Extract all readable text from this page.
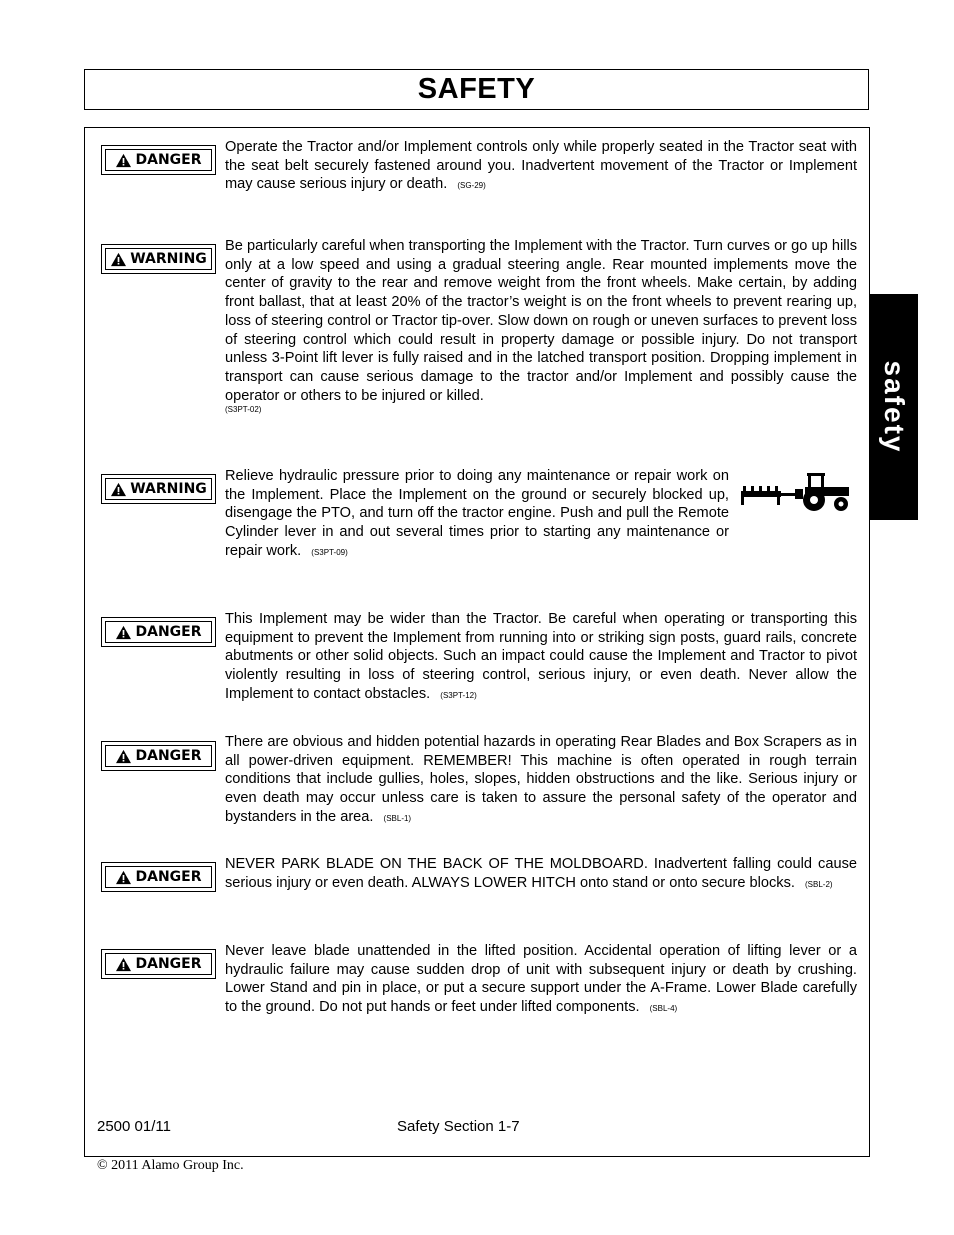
SAFETY
safety
DANGER
Operate the Tractor and/or Implement controls only while properly seated in the Tractor seat with the seat belt securely fastened around you. Inadvertent movement of the Tractor or Implement may cause serious injury or death. (SG-29)
WARNING
Be particularly careful when transporting the Implement with the Tractor. Turn curves or go up hills only at a low speed and using a gradual steering angle. Rear mounted implements move the center of gravity to the rear and remove weight from the front wheels. Make certain, by adding front ballast, that at least 20% of the tractor’s weight is on the front wheels to prevent rearing up, loss of steering control or Tractor tip-over. Slow down on rough or uneven surfaces to prevent loss of steering control which could result in property damage or possible injury. Do not transport unless 3-Point lift lever is fully raised and in the latched transport position. Dropping implement in transport can cause serious damage to the tractor and/or Implement and possibly cause the operator or others to be injured or killed.
(S3PT-02)
WARNING
Relieve hydraulic pressure prior to doing any maintenance or repair work on the Implement. Place the Implement on the ground or securely blocked up, disengage the PTO, and turn off the tractor engine. Push and pull the Remote Cylinder lever in and out several times prior to starting any maintenance or repair work. (S3PT-09)
DANGER
This Implement may be wider than the Tractor. Be careful when operating or transporting this equipment to prevent the Implement from running into or striking sign posts, guard rails, concrete abutments or other solid objects. Such an impact could cause the Implement and Tractor to pivot violently resulting in loss of steering control, serious injury, or even death. Never allow the Implement to contact obstacles. (S3PT-12)
DANGER
There are obvious and hidden potential hazards in operating Rear Blades and Box Scrapers as in all power-driven equipment. REMEMBER! This machine is often operated in rough terrain conditions that include gullies, holes, slopes, hidden obstructions and the like. Serious injury or even death may occur unless care is taken to assure the personal safety of the operator and bystanders in the area. (SBL-1)
DANGER
NEVER PARK BLADE ON THE BACK OF THE MOLDBOARD. Inadvertent falling could cause serious injury or even death. ALWAYS LOWER HITCH onto stand or onto secure blocks. (SBL-2)
DANGER
Never leave blade unattended in the lifted position. Accidental operation of lifting lever or a hydraulic failure may cause sudden drop of unit with subsequent injury or death by crushing. Lower Stand and pin in place, or put a secure support under the A-Frame. Lower Blade carefully to the ground. Do not put hands or feet under lifted components. (SBL-4)
2500 01/11	Safety Section 1-7
© 2011 Alamo Group Inc.
